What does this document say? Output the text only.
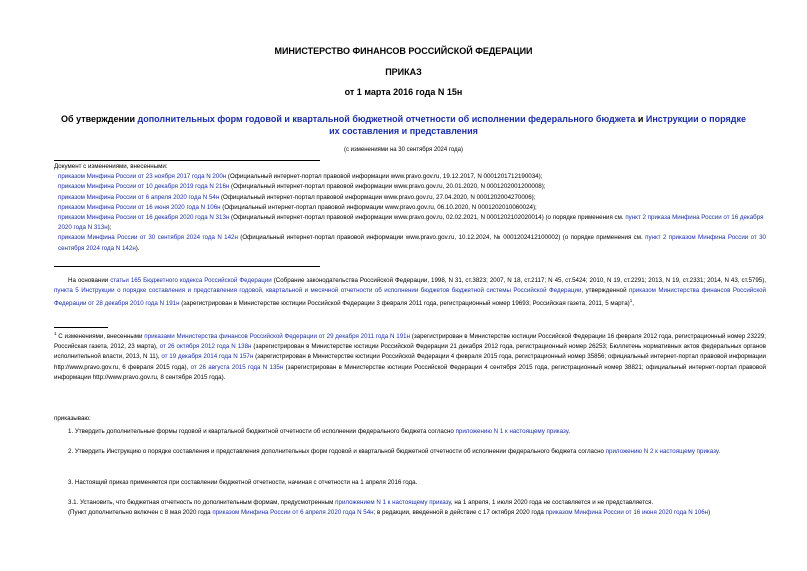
МИНИСТЕРСТВО ФИНАНСОВ РОССИЙСКОЙ ФЕДЕРАЦИИ
ПРИКАЗ
от 1 марта 2016 года N 15н
Об утверждении дополнительных форм годовой и квартальной бюджетной отчетности об исполнении федерального бюджета и Инструкции о порядке их составления и представления
(с изменениями на 30 сентября 2024 года)

Документ с изменениями, внесенными:

приказом Минфина России от 23 ноября 2017 года N 200н (Официальный интернет-портал правовой информации www.pravo.gov.ru, 19.12.2017, N 0001201712190034);

приказом Минфина России от 10 декабря 2019 года N 216н (Официальный интернет-портал правовой информации www.pravo.gov.ru, 20.01.2020, N 0001202001200008);

приказом Минфина России от 6 апреля 2020 года N 54н (Официальный интернет-портал правовой информации www.pravo.gov.ru, 27.04.2020, N 0001202004270006);

приказом Минфина России от 16 июня 2020 года N 106н (Официальный интернет-портал правовой информации www.pravo.gov.ru, 06.10.2020, N 0001202010060024);

приказом Минфина России от 16 декабря 2020 года N 313н (Официальный интернет-портал правовой информации www.pravo.gov.ru, 02.02.2021, N 0001202102020014) (о порядке применения см. пункт 2 приказа Минфина России от 16 декабря 2020 года N 313н);

приказом Минфина России от 30 сентября 2024 года N 142н (Официальный интернет-портал правовой информации www.pravo.gov.ru, 10.12.2024, № 0001202412100002) (о порядке применения см. пункт 2 приказом Минфина России от 30 сентября 2024 года N 142н).

На основании статьи 165 Бюджетного кодекса Российской Федерации (Собрание законодательства Российской Федерации, 1998, N 31, ст.3823; 2007, N 18, ст.2117; N 45, ст.5424; 2010, N 19, ст.2291; 2013, N 19, ст.2331; 2014, N 43, ст.5795), пункта 5 Инструкции о порядке составления и представления годовой, квартальной и месячной отчетности об исполнении бюджетов бюджетной системы Российской Федерации, утвержденной приказом Министерства финансов Российской Федерации от 28 декабря 2010 года N 191н (зарегистрирован в Министерстве юстиции Российской Федерации 3 февраля 2011 года, регистрационный номер 19693; Российская газета, 2011, 5 марта)$^1$,
$^1$ С изменениями, внесенными приказами Министерства финансов Российской Федерации от 29 декабря 2011 года N 191н (зарегистрирован в Министерстве юстиции Российской Федерации 16 февраля 2012 года, регистрационный номер 23229; Российская газета, 2012, 23 марта), от 26 октября 2012 года N 138н (зарегистрирован в Министерстве юстиции Российской Федерации 21 декабря 2012 года, регистрационный номер 26253; Бюллетень нормативных актов федеральных органов исполнительной власти, 2013, N 11), от 19 декабря 2014 года N 157н (зарегистрирован в Министерстве юстиции Российской Федерации 4 февраля 2015 года, регистрационный номер 35856; официальный интернет-портал правовой информации http://www.pravo.gov.ru, 6 февраля 2015 года), от 26 августа 2015 года N 135н (зарегистрирован в Министерстве юстиции Российской Федерации 4 сентября 2015 года, регистрационный номер 38821; официальный интернет-портал правовой информации http://www.pravo.gov.ru, 8 сентября 2015 года).
приказываю:
1. Утвердить дополнительные формы годовой и квартальной бюджетной отчетности об исполнении федерального бюджета согласно приложению N 1 к настоящему приказу.
2. Утвердить Инструкцию о порядке составления и представления дополнительных форм годовой и квартальной бюджетной отчетности об исполнении федерального бюджета согласно приложению N 2 к настоящему приказу.
3. Настоящий приказ применяется при составлении бюджетной отчетности, начиная с отчетности на 1 апреля 2016 года.
3.1. Установить, что бюджетная отчетность по дополнительным формам, предусмотренным приложением N 1 к настоящему приказу, на 1 апреля, 1 июля 2020 года не составляется и не представляется.
(Пункт дополнительно включен с 8 мая 2020 года приказом Минфина России от 6 апреля 2020 года N 54н; в редакции, введенной в действие с 17 октября 2020 года приказом Минфина России от 16 июня 2020 года N 106н)
